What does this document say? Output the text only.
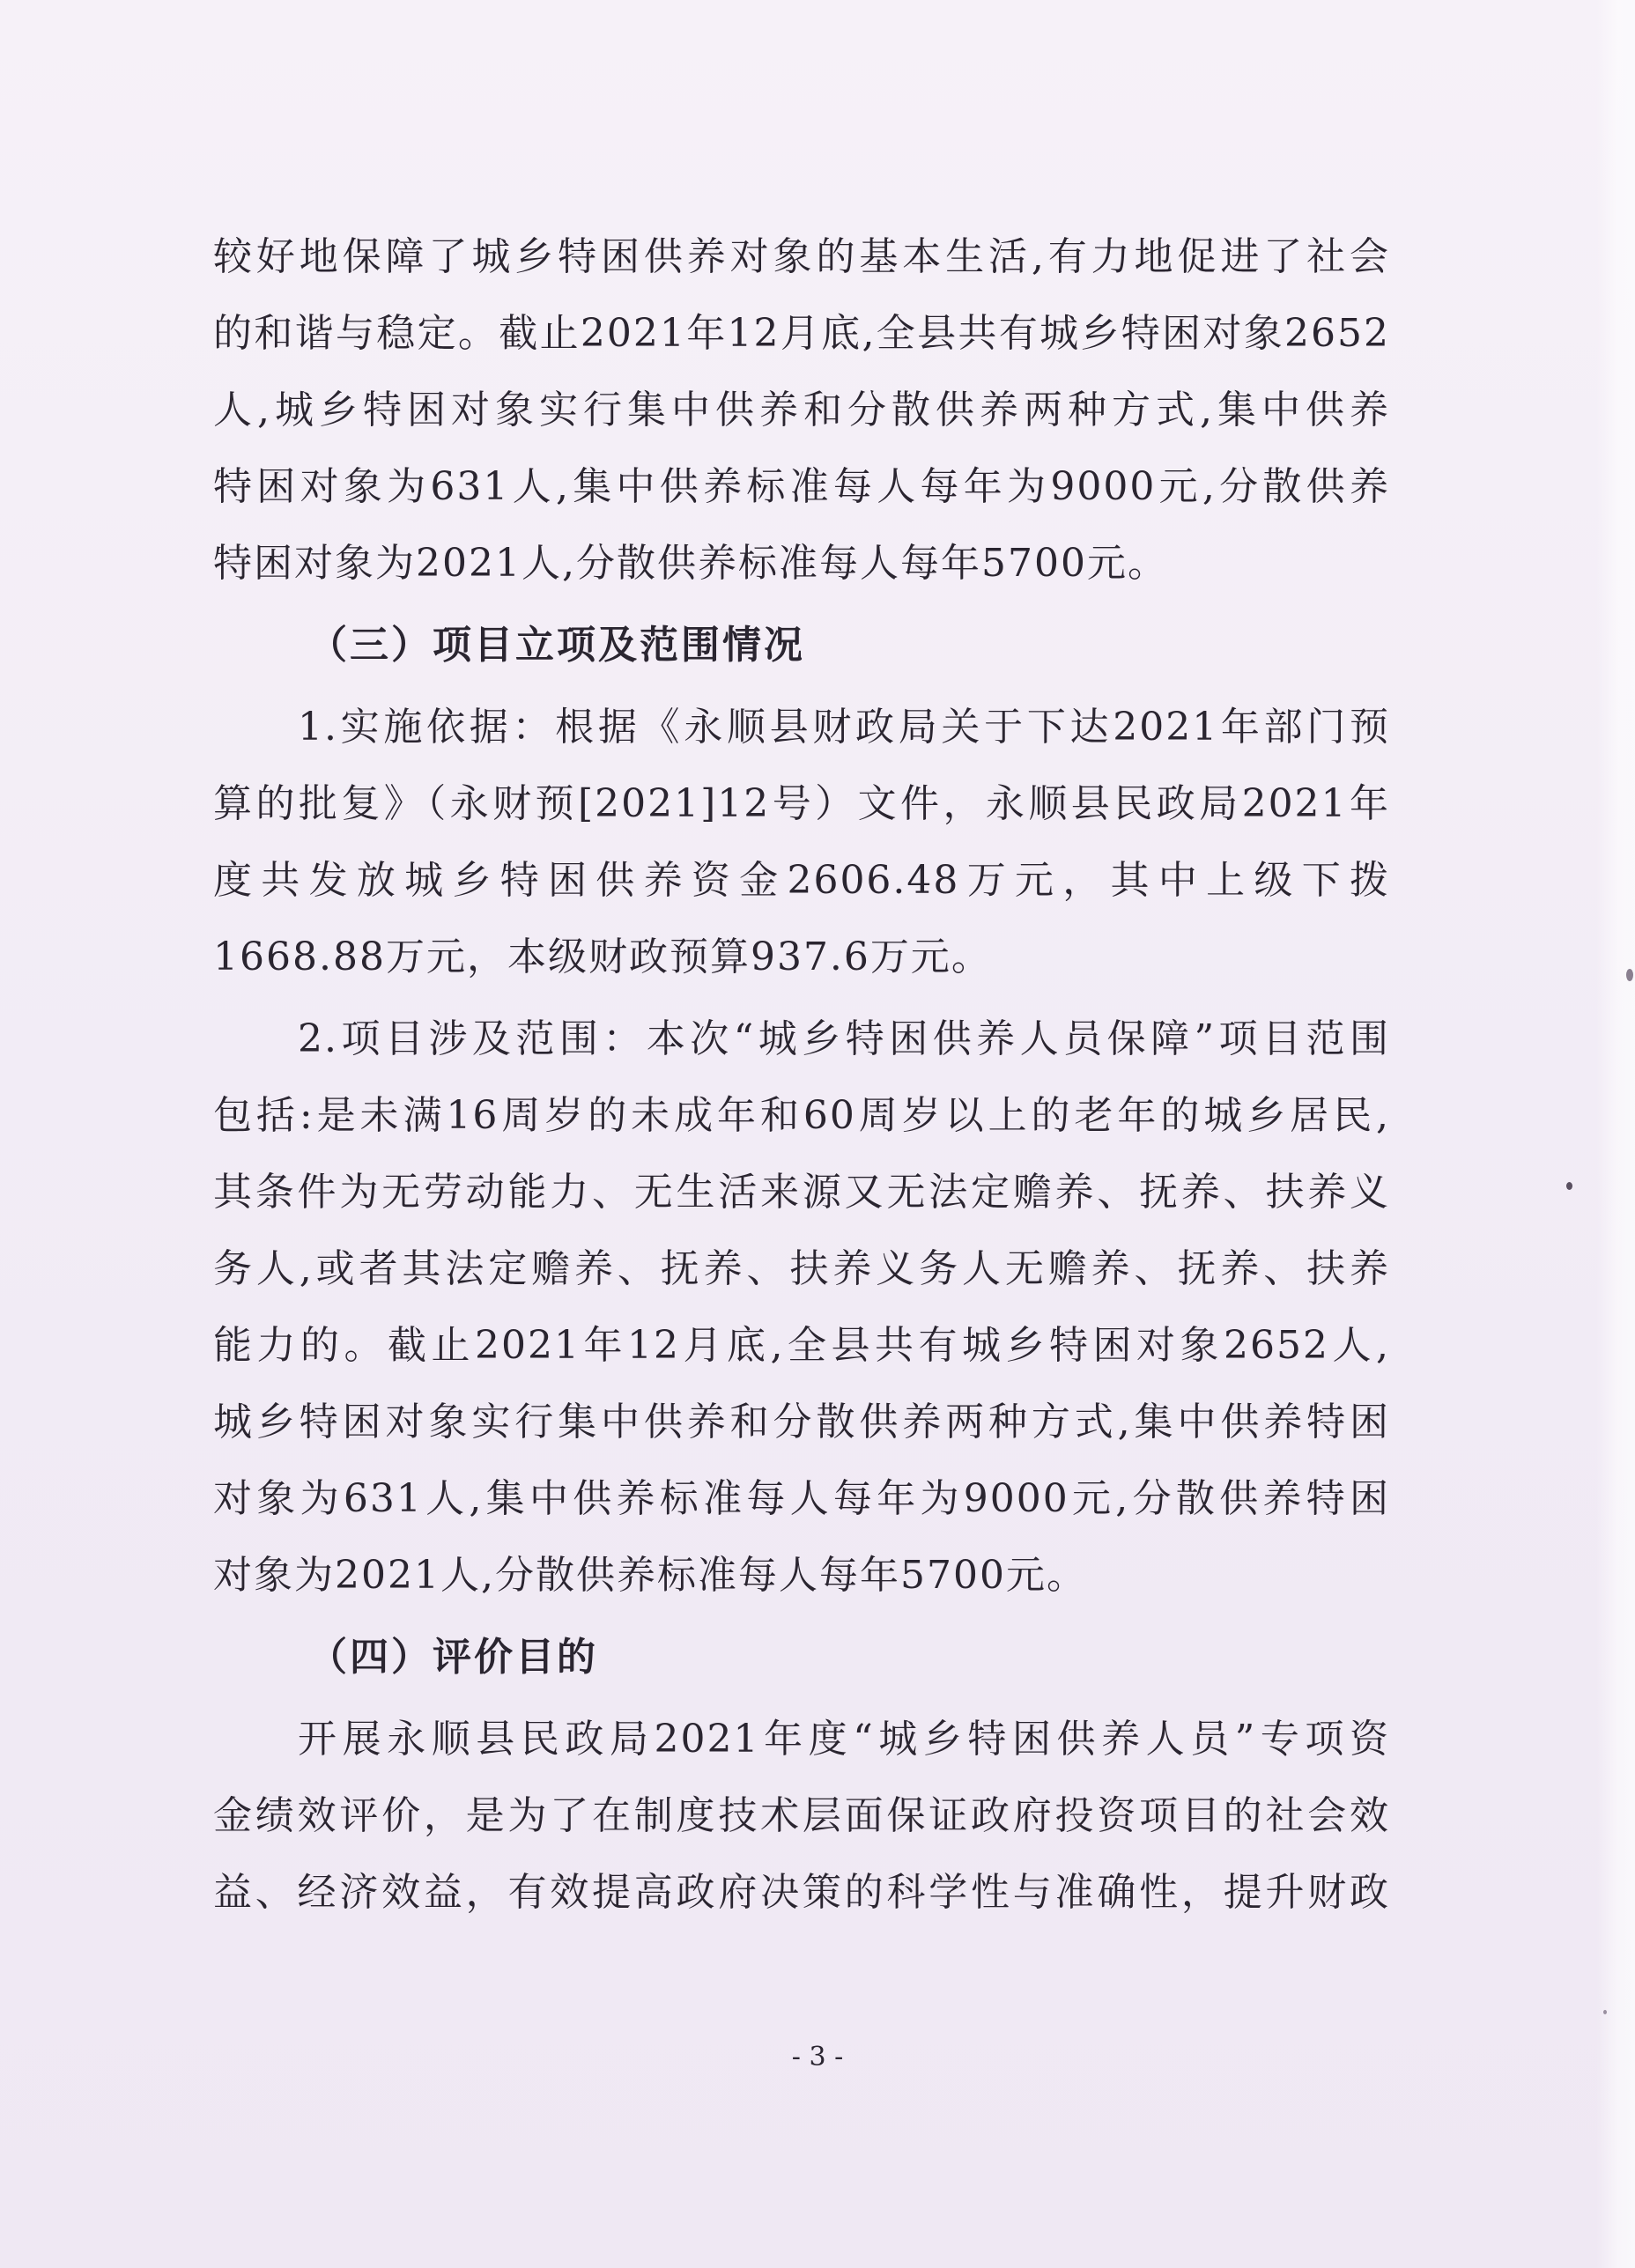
较好地保障了城乡特困供养对象的基本生活,有力地促进了社会
的和谐与稳定。截止2021年12月底,全县共有城乡特困对象2652
人,城乡特困对象实行集中供养和分散供养两种方式,集中供养
特困对象为631人,集中供养标准每人每年为9000元,分散供养
特困对象为2021人,分散供养标准每人每年5700元。
（三）项目立项及范围情况
1.实施依据：根据《永顺县财政局关于下达2021年部门预
算的批复》（永财预[2021]12号）文件，永顺县民政局2021年
度共发放城乡特困供养资金2606.48万元，其中上级下拨
1668.88万元，本级财政预算937.6万元。
2.项目涉及范围：本次“城乡特困供养人员保障”项目范围
包括:是未满16周岁的未成年和60周岁以上的老年的城乡居民,
其条件为无劳动能力、无生活来源又无法定赡养、抚养、扶养义
务人,或者其法定赡养、抚养、扶养义务人无赡养、抚养、扶养
能力的。截止2021年12月底,全县共有城乡特困对象2652人,
城乡特困对象实行集中供养和分散供养两种方式,集中供养特困
对象为631人,集中供养标准每人每年为9000元,分散供养特困
对象为2021人,分散供养标准每人每年5700元。
（四）评价目的
开展永顺县民政局2021年度“城乡特困供养人员”专项资
金绩效评价，是为了在制度技术层面保证政府投资项目的社会效
益、经济效益，有效提高政府决策的科学性与准确性，提升财政
- 3 -
